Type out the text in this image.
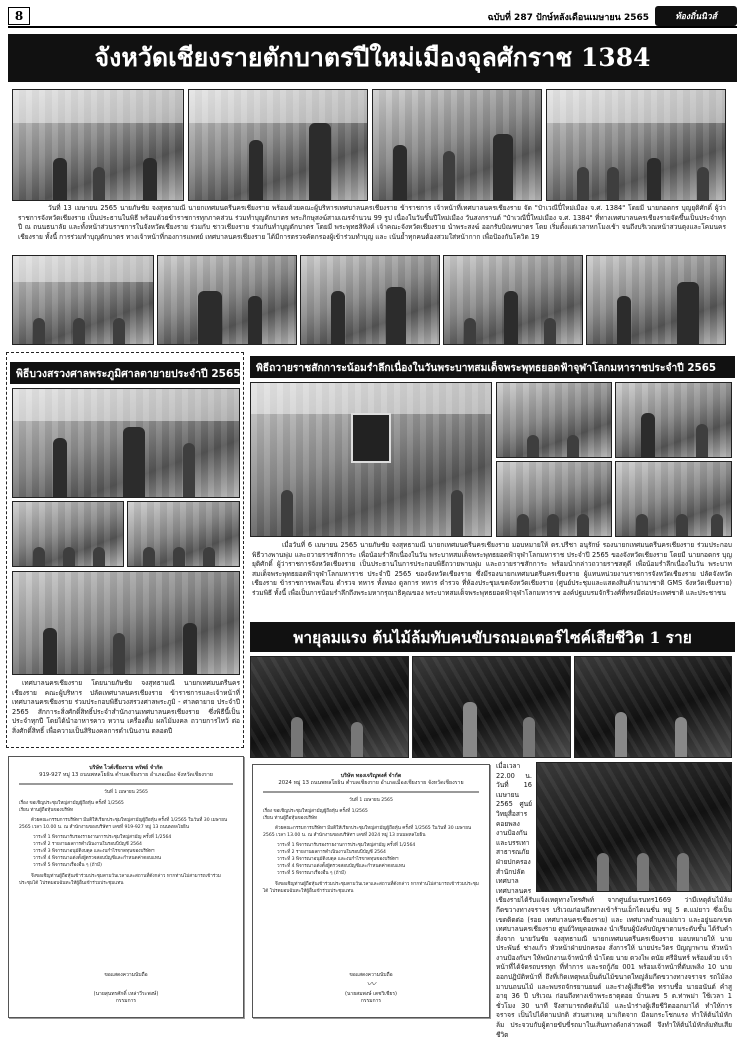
8	ฉบับที่ 287 ปักษ์หลังเดือนเมษายน 2565	ท้องถิ่นนิวส์
จังหวัดเชียงรายตักบาตรปีใหม่เมืองจุลศักราช 1384
วันที่ 13 เมษายน 2565 นายภัษชัย จงสุทธามณี นายกเทศมนตรีนครเชียงราย พร้อมด้วยคณะผู้บริหารเทศบาลนครเชียงราย ข้าราชการ เจ้าหน้าที่เทศบาลนครเชียงราย จัด "ป๋าเวณีปี๋ใหม่เมือง จ.ศ. 1384" โดยมี นายกอดกร บุญยุติศักดิ์ ผู้ว่าราชการจังหวัดเชียงราย เป็นประธานในพิธี พร้อมด้วยข้าราชการทุกภาคส่วน ร่วมทำบุญตักบาตร พระภิกษุสงฆ์สามเณรจำนวน 99 รูป เนื่องในวันขึ้นปีใหม่เมือง วันสงกรานต์ "ป๋าเวณีปี๋ใหม่เมือง จ.ศ. 1384" ที่ทางเทศบาลนครเชียงรายจัดขึ้นเป็นประจำทุกปี ณ ถนนธนาลัย และทั้งหน้าส่วนราชการในจังหวัดเชียงราย ร่วมกับ ชาวเชียงราย ร่วมกันทำบุญตักบาตร โดยมี พระพุทธสิหิงค์ เจ้าคณะจังหวัดเชียงราย นำพระสงฆ์ ออกรับบิณฑบาตร โดย เริ่มตั้งแต่เวลาหกโมงเช้า จนถึงบริเวณหน้าสวนตุงและโคมนครเชียงราย ทั้งนี้ การร่วมทำบุญตักบาตร ทางเจ้าหน้าที่กองการแพทย์ เทศบาลนครเชียงราย ได้มีการตรวจคัดกรองผู้เข้าร่วมทำบุญ และ เน้นย้ำทุกคนต้องสวมใส่หน้ากาก เพื่อป้องกันโควิด 19
พิธีบวงสรวงศาลพระภูมิศาลตายายประจำปี 2565
เทศบาลนครเชียงราย โดยนายภัษชัย จงสุทธามณี นายกเทศมนตรีนครเชียงราย คณะผู้บริหาร ปลัดเทศบาลนครเชียงราย ข้าราชการและเจ้าหน้าที่เทศบาลนครเชียงราย ร่วมประกอบพิธีบวงสรวงศาลพระภูมิ - ศาลตายาย ประจำปี 2565 สักการะสิ่งศักดิ์สิทธิ์ประจำสำนักงานเทศบาลนครเชียงราย ซึ่งพิธีนี้เป็นประจำทุกปี โดยได้นำอาหารคาว หวาน เครื่องดื่ม ผลไม้มงคล ถวายการไหว้ ต่อสิ่งศักดิ์สิทธิ์ เพื่อความเป็นสิริมงคลการดำเนินงาน ตลอดปี
พิธีถวายราชสักการะน้อมรำลึกเนื่องในวันพระบาทสมเด็จพระพุทธยอดฟ้าจุฬาโลกมหาราชประจำปี 2565
เมื่อวันที่ 6 เมษายน 2565 นายภัษชัย จงสุทธามณี นายกเทศมนตรีนครเชียงราย มอบหมายให้ ดร.ปรีชา อนุรักษ์ รองนายกเทศมนตรีนครเชียงราย ร่วมประกอบพิธีวางพานพุ่ม และถวายราชสักการะ เพื่อน้อมรำลึกเนื่องในวัน พระบาทสมเด็จพระพุทธยอดฟ้าจุฬาโลกมหาราช ประจำปี 2565 ของจังหวัดเชียงราย โดยมี นายกอดกร บุญยุติศักดิ์ ผู้ว่าราชการจังหวัดเชียงราย เป็นประธานในการประกอบพิธีถวายพานพุ่ม และถวายราชสักการะ พร้อมนำกล่าวถวายราชสดุดี เพื่อน้อมรำลึกเนื่องในวัน พระบาทสมเด็จพระพุทธยอดฟ้าจุฬาโลกมหาราช ประจำปี 2565 ของจังหวัดเชียงราย ซึ่งมีรองนายกเทศมนตรีนครเชียงราย ผู้แทนหน่วยงานราชการจังหวัดเชียงราย ปลัดจังหวัดเชียงราย ข้าราชการพลเรือน ตำรวจ ทหาร ทั้งทอง ดูลการ ทหาร ตำรวจ ที่ห้องประชุมเขตจังหวัดเชียงราย (ศูนย์ประชุมและแสดงสินค้านานาชาติ GMS จังหวัดเชียงราย) ร่วมพิธี ทั้งนี้ เพื่อเป็นการน้อมรำลึกถึงพระมหากรุณาธิคุณของ พระบาทสมเด็จพระพุทธยอดฟ้าจุฬาโลกมหาราช องค์ปฐมบรมจักรีวงศ์ที่ทรงมีต่อประเทศชาติ และประชาชน
พายุลมแรง ต้นไม้ล้มทับคนขับรถมอเตอร์ไซค์เสียชีวิต 1 ราย
เมื่อเวลา 22.00 น. วันที่ 16 เมษายน 2565 ศูนย์วิทยุสื่อสารคอยพลง งานป้องกันและบรรเทาสาธารณภัย ฝ่ายปกครอง สำนักปลัดเทศบาล เทศบาลนครเชียงรายได้รับแจ้งเหตุทางโทรศัพท์ จากศูนย์นเรนทร1669 ว่ามีเหตุต้นไม้ล้มกีดขวางทางจราจร บริเวณก่อนถึงทางเข้าร้านเอ็กไดเนชั่น หมู่ 5 ต.แม่ยาว ซึ่งเป็นเขตติดต่อ (รอย เทศบาลนครเชียงราย) และ เทศบาลตำบลแม่ยาว และอยู่นอกเขตเทศบาลนครเชียงราย ศูนย์วิทยุคอยพลง นำเรียนผู้บังคับบัญชาตามระดับชั้น ได้รับคำสั่งจาก นายวันชัย จงสุทธามณี นายกเทศมนตรีนครเชียงราย มอบหมายให้ นายประพันธ์ ช่างแก้ว หัวหน้าฝ่ายปกครอง สั่งการให้ นายประวิตร ปัญญาพาน หัวหน้างานป้องกันฯ ให้พนักงานเจ้าหน้าที่ นำโดย นาย ดวงไพ ดนัย ศรีอินทร์ พร้อมด้วย เจ้าหน้าที่ได้จัดรถบรรทุก ที่ทำการ และรถกู้ภัย 001 พร้อมเจ้าหน้าที่ดับเพลิง 10 นาย ออกปฏิบัติหน้าที่ ถึงที่เกิดเหตุพบเป็นต้นไม้ขนาดใหญ่ล้มกีดขวางทางจราจร รถไม้ลงมาบนถนนไม้ และพบรถจักรยานยนต์ และร่างผู้เสียชีวิต ทราบชื่อ นายอนันต์ คำสู อายุ 36 ปี บริเวณ ก่อนถึงทางเข้าพระธาตุดอย บ้านเลข 5 ต.ท่าพม่า ใช้เวลา 1 ชั่วโมง 30 นาที จึงสามารถตัดต้นไม้ และนำร่างผู้เสียชีวิตออกมาได้ ทำให้การจราจร เป็นไปได้ตามปกติ ส่วนสาเหตุ มาเกิดจาก มีลมกระโชกแรง ทำให้ต้นไม้หักล้ม ประจวบกับผู้ตายขับขี่รถมาในเส้นทางดังกล่าวพอดี จึงทำให้ต้นไม้หักล้มทับเสียชีวิต
บริษัท ไวต์เชียงราย ทรัพย์ จำกัด
919-927 หมู่ 13 ถนนพหลโยธิน ตำบลเชียงราย อำเภอเมือง จังหวัดเชียงราย
วันที่ 1 เมษายน 2565
เรื่อง ขอเชิญประชุมใหญ่สามัญผู้ถือหุ้น ครั้งที่ 1/2565
เรียน ท่านผู้ถือหุ้นของบริษัท
ด้วยคณะกรรมการบริษัทฯ มีมติให้เรียกประชุมใหญ่สามัญผู้ถือหุ้น ครั้งที่ 1/2565 ในวันที่ 30 เมษายน 2565 เวลา 10.00 น. ณ สำนักงานของบริษัทฯ เลขที่ 919-927 หมู่ 13 ถนนพหลโยธิน
วาระที่ 1 พิจารณารับรองรายงานการประชุมใหญ่สามัญ ครั้งที่ 1/2564
วาระที่ 2 รายงานผลการดำเนินงานในรอบปีบัญชี 2564
วาระที่ 3 พิจารณาอนุมัติงบดุล และงบกำไรขาดทุนของบริษัทฯ
วาระที่ 4 พิจารณาแต่งตั้งผู้ตรวจสอบบัญชีและกำหนดค่าตอบแทน
วาระที่ 5 พิจารณาเรื่องอื่น ๆ (ถ้ามี)
จึงขอเชิญท่านผู้ถือหุ้นเข้าร่วมประชุมตามวันเวลาและสถานที่ดังกล่าว หากท่านไม่สามารถเข้าร่วมประชุมได้ โปรดมอบฉันทะให้ผู้อื่นเข้าร่วมประชุมแทน
ขอแสดงความนับถือ
(นายสุนทรศักดิ์ เหล่าวีระพงษ์)
กรรมการ
บริษัท ทองเจริญพงศ์ จำกัด
2024 หมู่ 13 ถนนพหลโยธิน ตำบลเชียงราย อำเภอเมืองเชียงราย จังหวัดเชียงราย
วันที่ 1 เมษายน 2565
เรื่อง ขอเชิญประชุมใหญ่สามัญผู้ถือหุ้น ครั้งที่ 1/2565
เรียน ท่านผู้ถือหุ้นของบริษัท
ด้วยคณะกรรมการบริษัทฯ มีมติให้เรียกประชุมใหญ่สามัญผู้ถือหุ้น ครั้งที่ 1/2565 ในวันที่ 30 เมษายน 2565 เวลา 13.00 น. ณ สำนักงานของบริษัทฯ เลขที่ 2024 หมู่ 13 ถนนพหลโยธิน
วาระที่ 1 พิจารณารับรองรายงานการประชุมใหญ่สามัญ ครั้งที่ 1/2564
วาระที่ 2 รายงานผลการดำเนินงานในรอบปีบัญชี 2564
วาระที่ 3 พิจารณาอนุมัติงบดุล และงบกำไรขาดทุนของบริษัทฯ
วาระที่ 4 พิจารณาแต่งตั้งผู้ตรวจสอบบัญชีและกำหนดค่าตอบแทน
วาระที่ 5 พิจารณาเรื่องอื่น ๆ (ถ้ามี)
จึงขอเชิญท่านผู้ถือหุ้นเข้าร่วมประชุมตามวันเวลาและสถานที่ดังกล่าว หากท่านไม่สามารถเข้าร่วมประชุมได้ โปรดมอบฉันทะให้ผู้อื่นเข้าร่วมประชุมแทน
ขอแสดงความนับถือ
〰
(นายสมพงษ์ เตชวิเชียร)
กรรมการ
